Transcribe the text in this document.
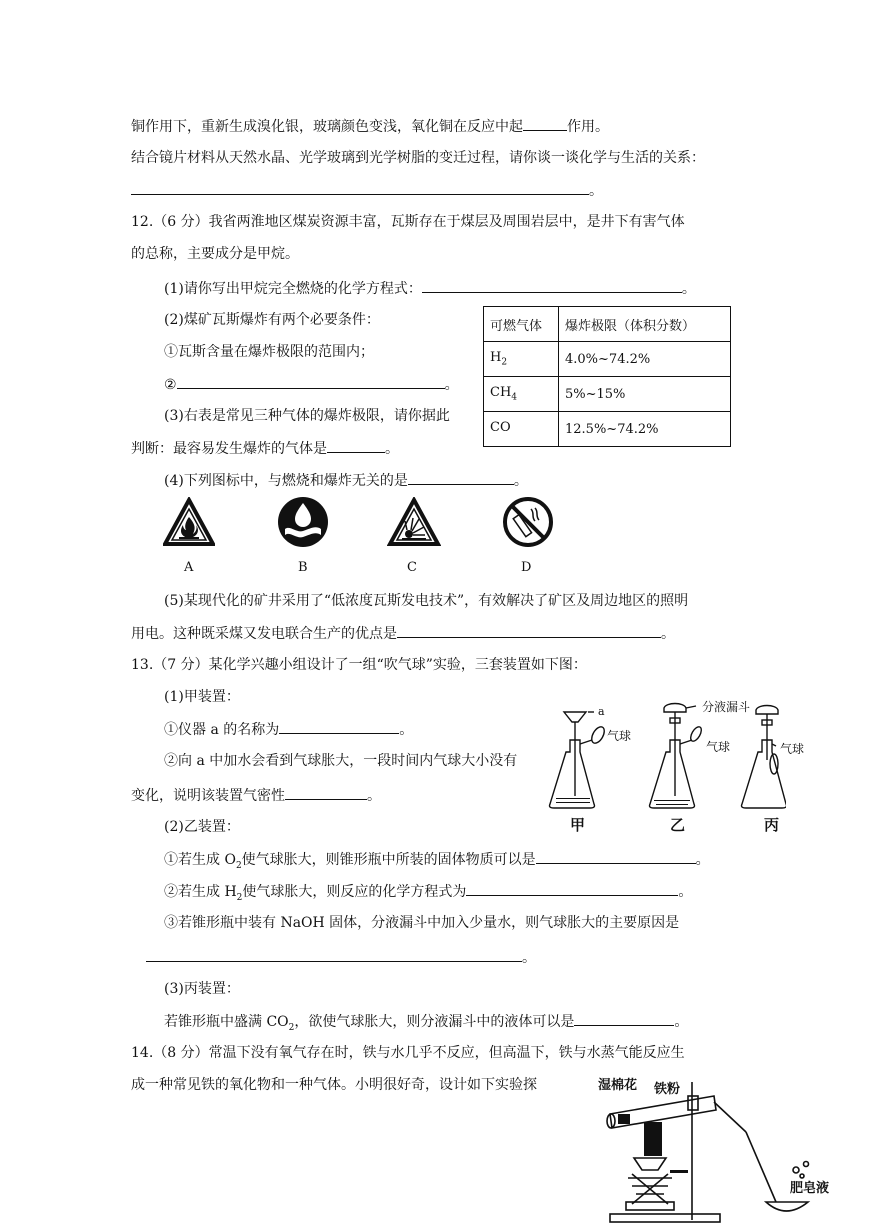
铜作用下，重新生成溴化银，玻璃颜色变浅，氧化铜在反应中起	作用。
结合镜片材料从天然水晶、光学玻璃到光学树脂的变迁过程，请你谈一谈化学与生活的关系：
。
12.（6 分）我省两淮地区煤炭资源丰富，瓦斯存在于煤层及周围岩层中，是井下有害气体
的总称，主要成分是甲烷。
(1)请你写出甲烷完全燃烧的化学方程式：	。
(2)煤矿瓦斯爆炸有两个必要条件：
①瓦斯含量在爆炸极限的范围内；
②	。
(3)右表是常见三种气体的爆炸极限，请你据此
判断：最容易发生爆炸的气体是	。
可燃气体	爆炸极限（体积分数）
$H_2$	4.0%~74.2%
$CH_4$	5%~15%
CO	12.5%~74.2%
(4)下列图标中，与燃烧和爆炸无关的是	。
A	B	C	D
(5)某现代化的矿井采用了“低浓度瓦斯发电技术”，有效解决了矿区及周边地区的照明
用电。这种既采煤又发电联合生产的优点是	。
13.（7 分）某化学兴趣小组设计了一组“吹气球”实验，三套装置如下图：
(1)甲装置：
①仪器 a 的名称为	。
②向 a 中加水会看到气球胀大，一段时间内气球大小没有
变化，说明该装置气密性	。
a
气球
分液漏斗
气球	气球
甲	乙	丙
(2)乙装置：
①若生成 $O_2$使气球胀大，则锥形瓶中所装的固体物质可以是	。
②若生成 $H_2$使气球胀大，则反应的化学方程式为	。
③若锥形瓶中装有 NaOH 固体，分液漏斗中加入少量水，则气球胀大的主要原因是
。
(3)丙装置：
若锥形瓶中盛满 $CO_2$，欲使气球胀大，则分液漏斗中的液体可以是	。
14.（8 分）常温下没有氧气存在时，铁与水几乎不反应，但高温下，铁与水蒸气能反应生
成一种常见铁的氧化物和一种气体。小明很好奇，设计如下实验探	湿棉花 铁粉
肥皂液
